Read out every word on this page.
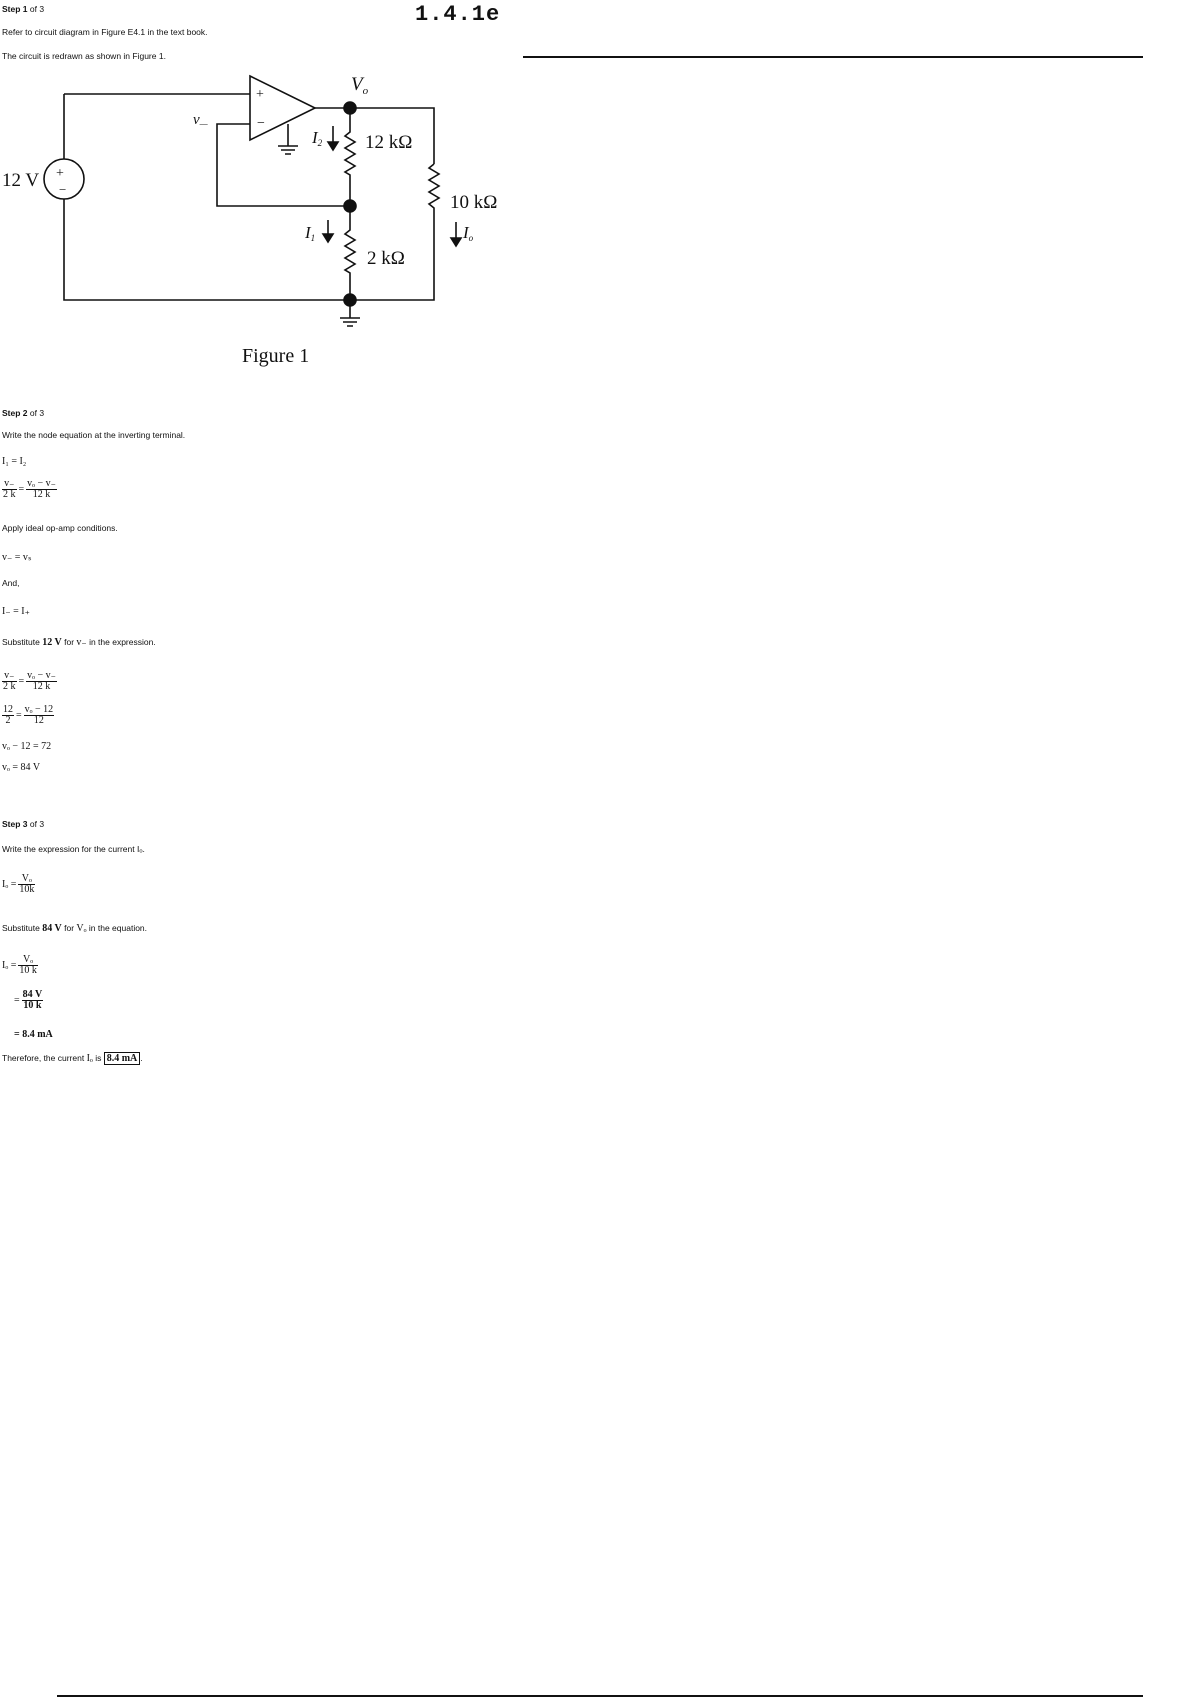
1.4.1e
Step 1 of 3
Refer to circuit diagram in Figure E4.1 in the text book.
The circuit is redrawn as shown in Figure 1.
+
−
12 V
+
−
$v_—$
$V_o$
12 kΩ
I2
2 kΩ
I1
10 kΩ
Io
Figure 1
Step 2 of 3
Write the node equation at the inverting terminal.
I₁ = I₂
$\frac{v_-}{2 k} = \frac{\text{vₒ − v₋}}{12 k}$
Apply ideal op-amp conditions.
v₋ = vₛ
And,
I₋ = I₊
Substitute 12 V for v₋ in the expression.
$\frac{v_-}{2 k} = \frac{\text{vₒ − v₋}}{12 k}$
$\frac{12}{2} = \frac{\text{vₒ − 12}}{12}$
vₒ − 12 = 72
vₒ = 84 V
Step 3 of 3
Write the expression for the current Iₒ.
$I_o = \frac{\text{Vₒ}}{10k}$
Substitute 84 V for Vₒ in the equation.
$I_o = \frac{\text{Vₒ}}{10 k}$
= $\frac{84 V}{10 k}$
= 8.4 mA
Therefore, the current Iₒ is 8.4 mA .
